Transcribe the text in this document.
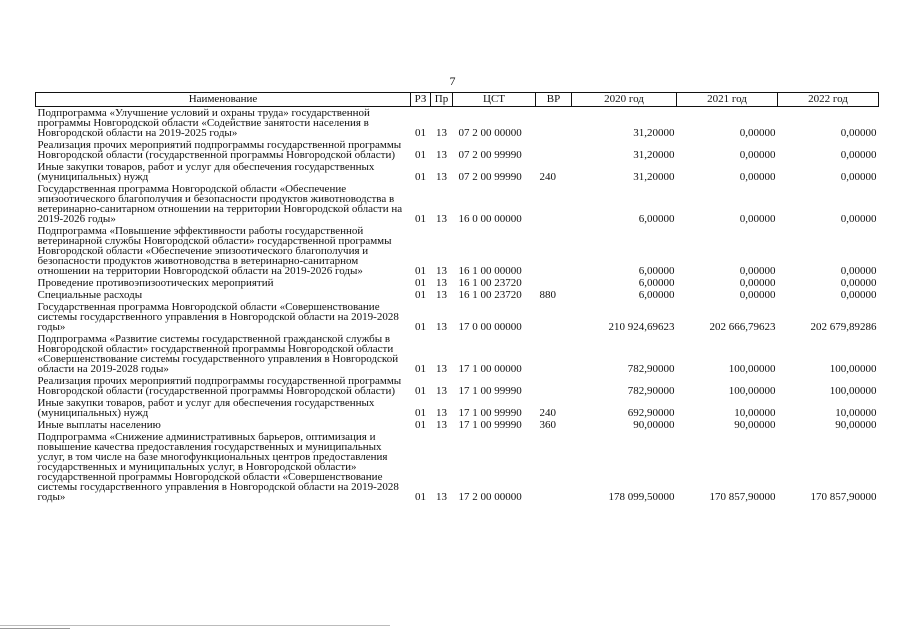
7
Наименование	РЗ	Пр	ЦСТ	ВР	2020 год	2021 год	2022 год
Подпрограмма «Улучшение условий и охраны труда» государственной программы Новгородской области «Содействие занятости населения в Новгородской области на 2019-2025 годы»	01	13	07 2 00 00000		31,20000	0,00000	0,00000
Реализация прочих мероприятий подпрограммы государственной программы Новгородской области (государственной программы Новгородской области)	01	13	07 2 00 99990		31,20000	0,00000	0,00000
Иные закупки товаров, работ и услуг для обеспечения государственных (муниципальных) нужд	01	13	07 2 00 99990	240	31,20000	0,00000	0,00000
Государственная программа Новгородской области «Обеспечение эпизоотического благополучия и безопасности продуктов животноводства в ветеринарно-санитарном отношении на территории Новгородской области на 2019-2026 годы»	01	13	16 0 00 00000		6,00000	0,00000	0,00000
Подпрограмма «Повышение эффективности работы государственной ветеринарной службы Новгородской области» государственной программы Новгородской области «Обеспечение эпизоотического благополучия и безопасности продуктов животноводства в ветеринарно-санитарном отношении на территории Новгородской области на 2019-2026 годы»	01	13	16 1 00 00000		6,00000	0,00000	0,00000
Проведение противоэпизоотических мероприятий	01	13	16 1 00 23720		6,00000	0,00000	0,00000
Специальные расходы	01	13	16 1 00 23720	880	6,00000	0,00000	0,00000
Государственная программа Новгородской области «Совершенствование системы государственного управления в Новгородской области на 2019-2028 годы»	01	13	17 0 00 00000		210 924,69623	202 666,79623	202 679,89286
Подпрограмма «Развитие системы государственной гражданской службы в Новгородской области» государственной программы Новгородской области «Совершенствование системы государственного управления в Новгородской области на 2019-2028 годы»	01	13	17 1 00 00000		782,90000	100,00000	100,00000
Реализация прочих мероприятий подпрограммы государственной программы Новгородской области (государственной программы Новгородской области)	01	13	17 1 00 99990		782,90000	100,00000	100,00000
Иные закупки товаров, работ и услуг для обеспечения государственных (муниципальных) нужд	01	13	17 1 00 99990	240	692,90000	10,00000	10,00000
Иные выплаты населению	01	13	17 1 00 99990	360	90,00000	90,00000	90,00000
Подпрограмма «Снижение административных барьеров, оптимизация и повышение качества предоставления государственных и муниципальных услуг, в том числе на базе многофункциональных центров предоставления государственных и муниципальных услуг, в Новгородской области» государственной программы Новгородской области «Совершенствование системы государственного управления в Новгородской области на 2019-2028 годы»	01	13	17 2 00 00000		178 099,50000	170 857,90000	170 857,90000
